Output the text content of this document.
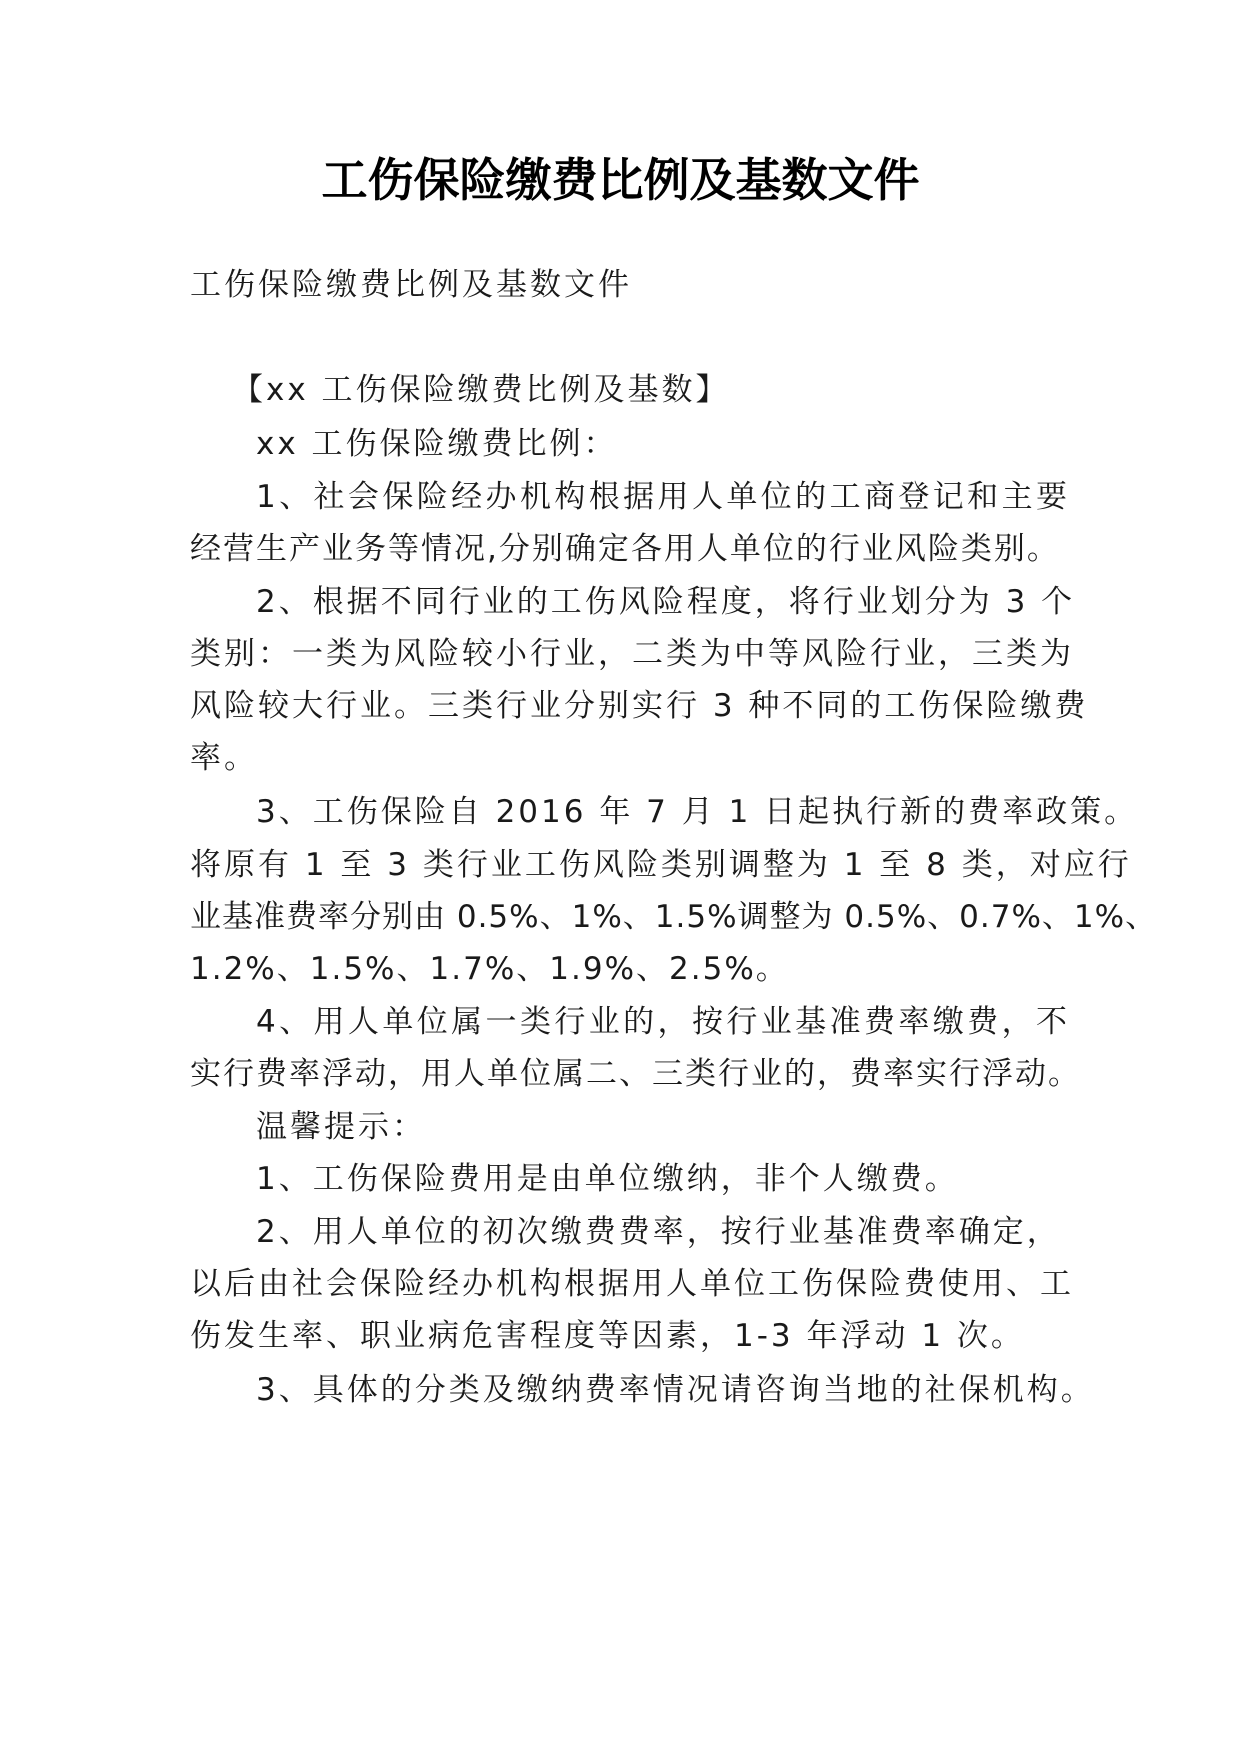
工伤保险缴费比例及基数文件
工伤保险缴费比例及基数文件
【xx 工伤保险缴费比例及基数】
xx 工伤保险缴费比例：
1、社会保险经办机构根据用人单位的工商登记和主要
经营生产业务等情况,分别确定各用人单位的行业风险类别。
2、根据不同行业的工伤风险程度，将行业划分为 3 个
类别：一类为风险较小行业，二类为中等风险行业，三类为
风险较大行业。三类行业分别实行 3 种不同的工伤保险缴费
率。
3、工伤保险自 2016 年 7 月 1 日起执行新的费率政策。
将原有 1 至 3 类行业工伤风险类别调整为 1 至 8 类，对应行
业基准费率分别由 0.5%、1%、1.5%调整为 0.5%、0.7%、1%、
1.2%、1.5%、1.7%、1.9%、2.5%。
4、用人单位属一类行业的，按行业基准费率缴费，不
实行费率浮动，用人单位属二、三类行业的，费率实行浮动。
温馨提示：
1、工伤保险费用是由单位缴纳，非个人缴费。
2、用人单位的初次缴费费率，按行业基准费率确定，
以后由社会保险经办机构根据用人单位工伤保险费使用、工
伤发生率、职业病危害程度等因素，1-3 年浮动 1 次。
3、具体的分类及缴纳费率情况请咨询当地的社保机构。
